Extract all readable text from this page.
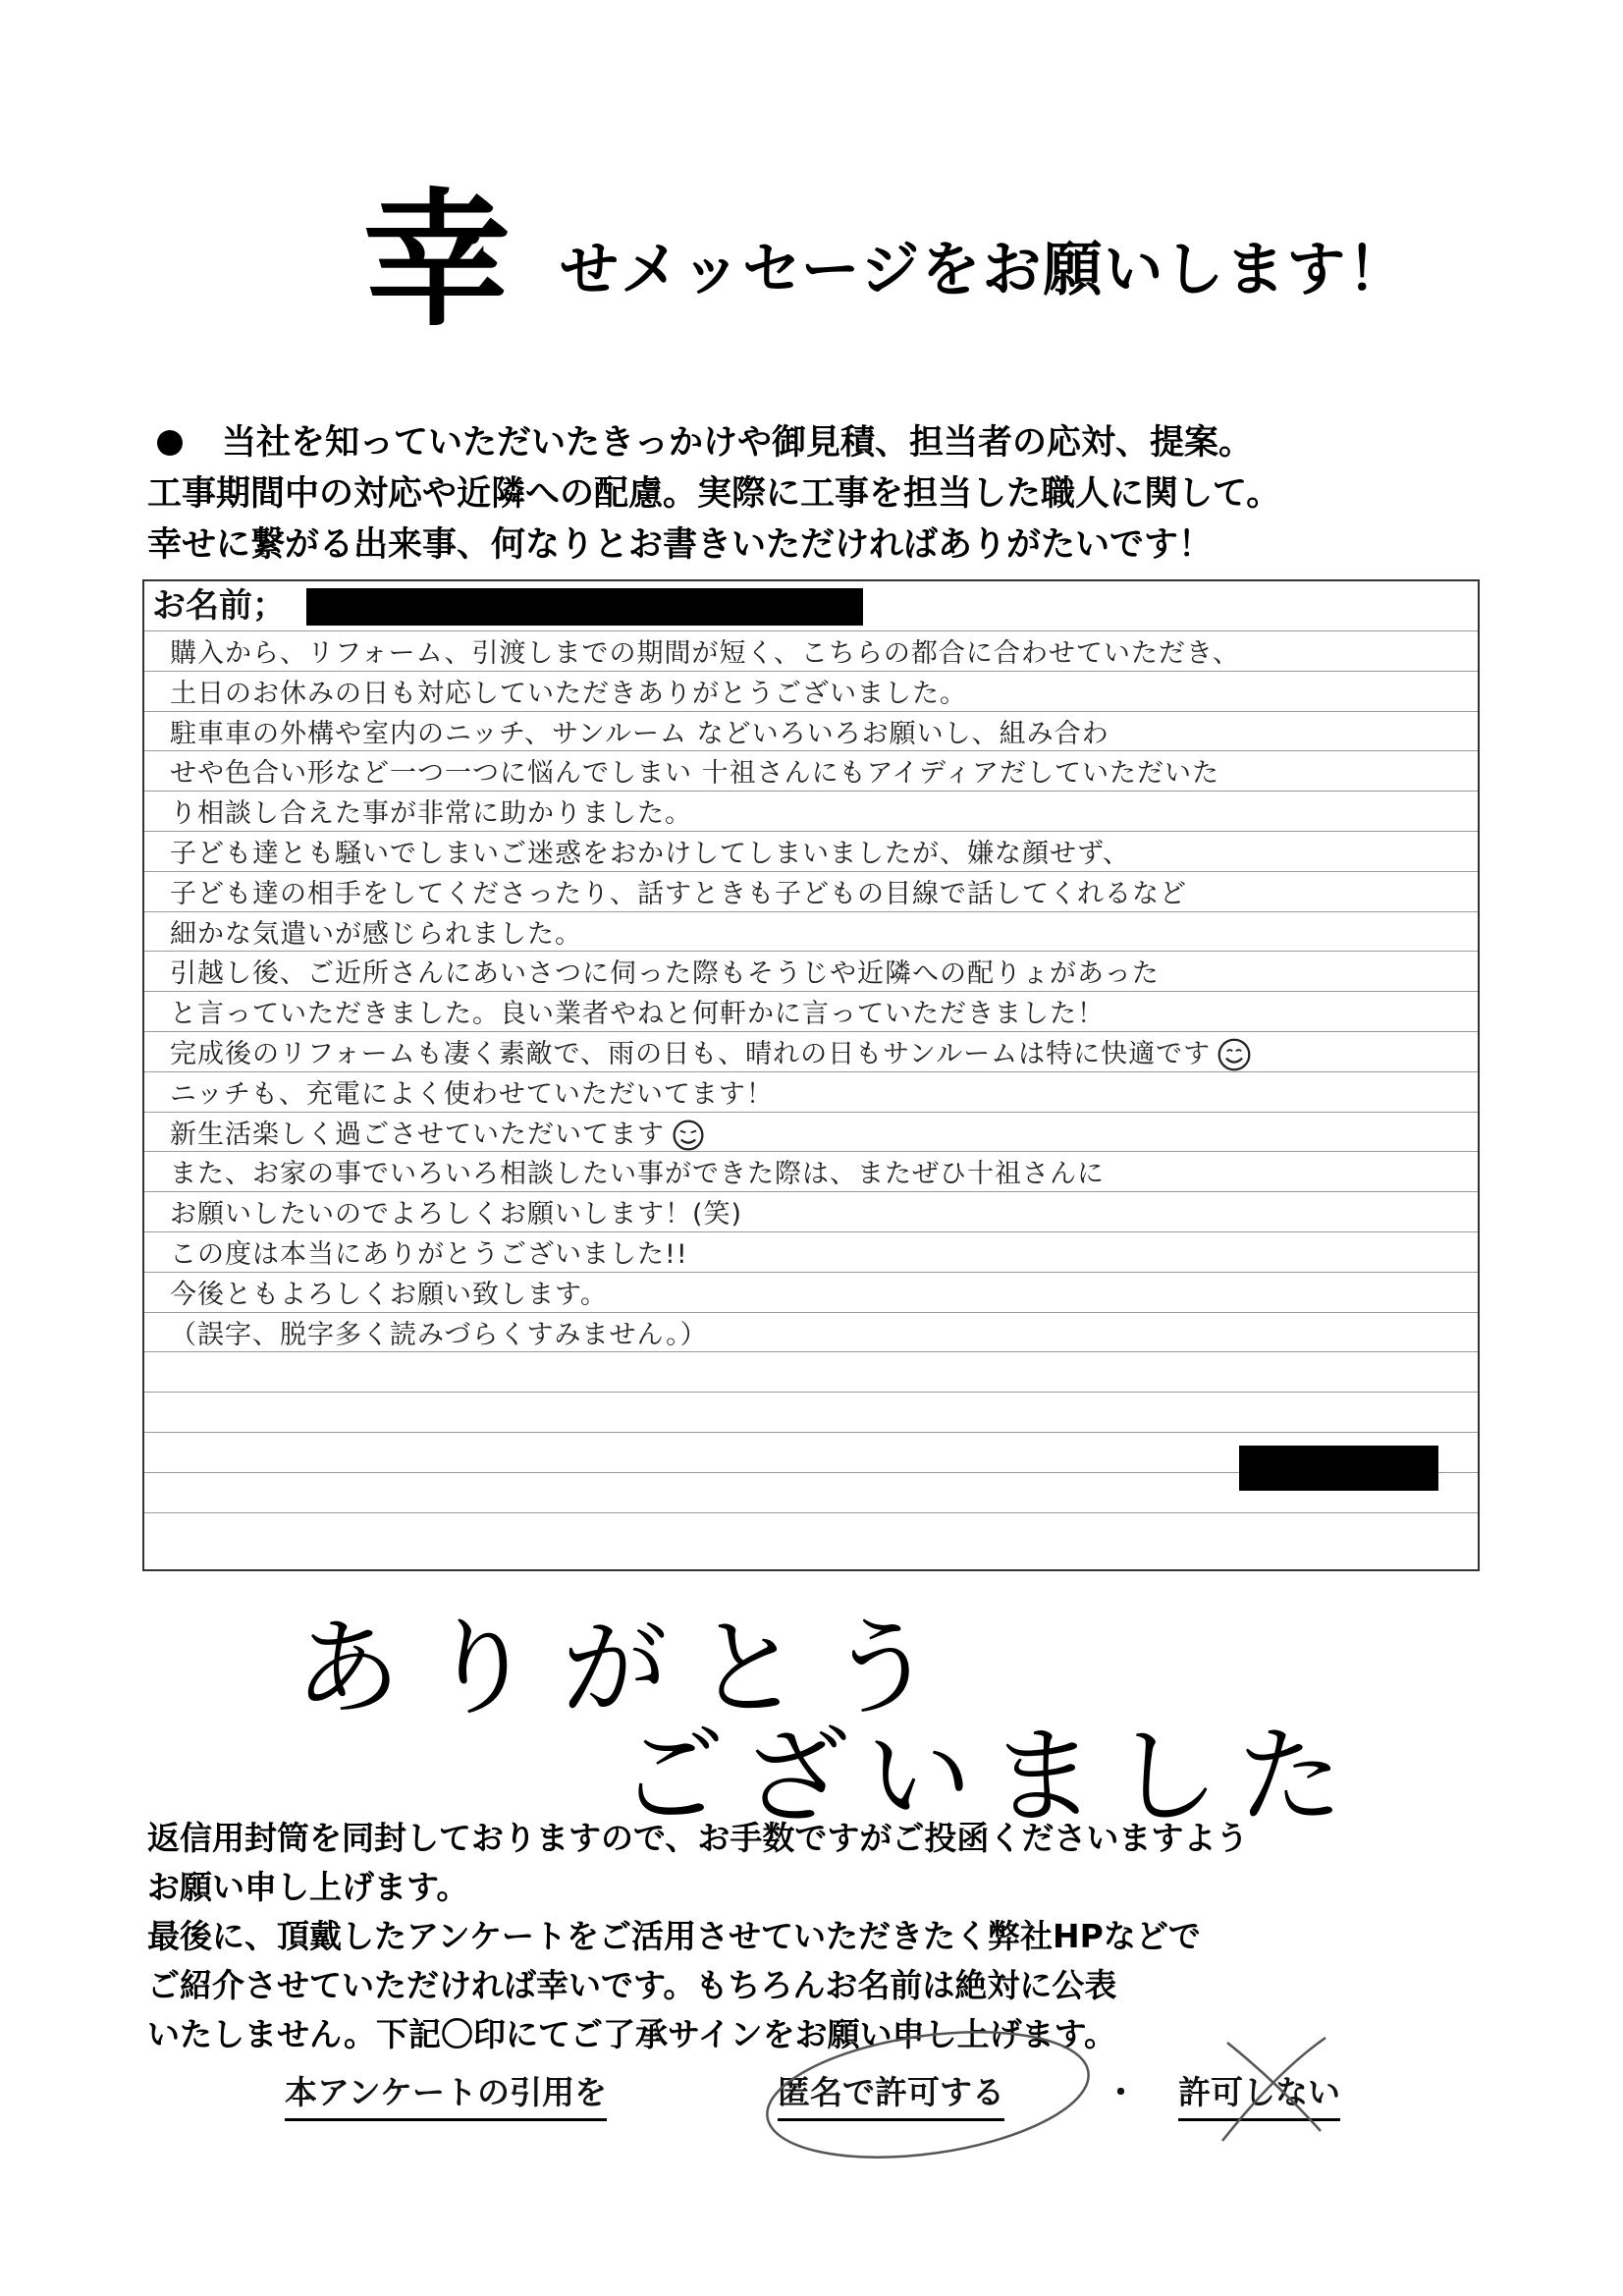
幸 せメッセージをお願いします！
当社を知っていただいたきっかけや御見積、担当者の応対、提案。
工事期間中の対応や近隣への配慮。実際に工事を担当した職人に関して。
幸せに繋がる出来事、何なりとお書きいただければありがたいです！
お名前；
購入から、リフォーム、引渡しまでの期間が短く、こちらの都合に合わせていただき、
土日のお休みの日も対応していただきありがとうございました。
駐車車の外構や室内のニッチ、サンルーム などいろいろお願いし、組み合わ
せや色合い形など一つ一つに悩んでしまい 十祖さんにもアイディアだしていただいた
り相談し合えた事が非常に助かりました。
子ども達とも騒いでしまいご迷惑をおかけしてしまいましたが、嫌な顔せず、
子ども達の相手をしてくださったり、話すときも子どもの目線で話してくれるなど
細かな気遣いが感じられました。
引越し後、ご近所さんにあいさつに伺った際もそうじや近隣への配りょがあった
と言っていただきました。良い業者やねと何軒かに言っていただきました！
完成後のリフォームも凄く素敵で、雨の日も、晴れの日もサンルームは特に快適です
ニッチも、充電によく使わせていただいてます！
新生活楽しく過ごさせていただいてます
また、お家の事でいろいろ相談したい事ができた際は、またぜひ十祖さんに
お願いしたいのでよろしくお願いします！(笑)
この度は本当にありがとうございました!!
今後ともよろしくお願い致します。
（誤字、脱字多く読みづらくすみません。）
ありがとう
ございました
返信用封筒を同封しておりますので、お手数ですがご投函くださいますよう
お願い申し上げます。
最後に、頂戴したアンケートをご活用させていただきたく弊社HPなどで
ご紹介させていただければ幸いです。もちろんお名前は絶対に公表
いたしません。下記〇印にてご了承サインをお願い申し上げます。
本アンケートの引用を	匿名で許可する	・ 許可しない
